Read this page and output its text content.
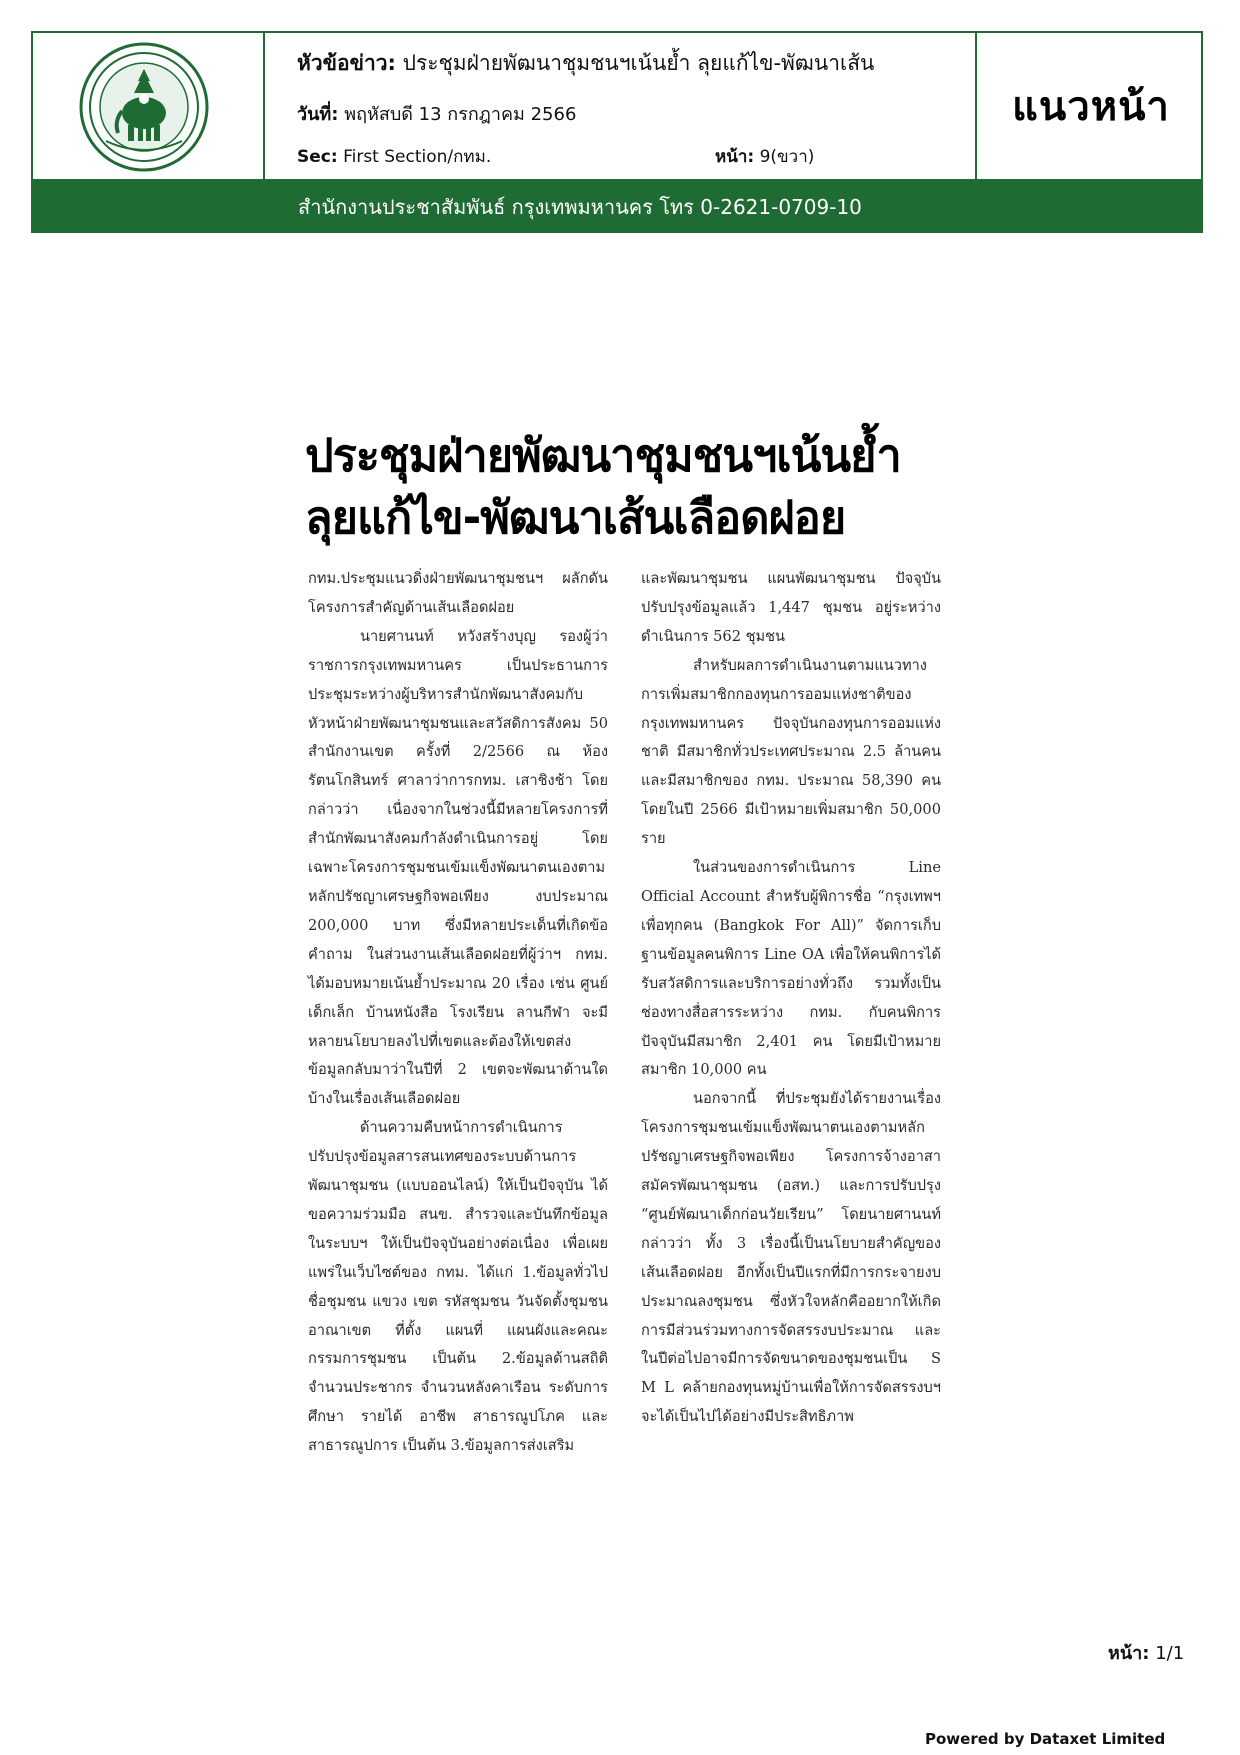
หัวข้อข่าว: ประชุมฝ่ายพัฒนาชุมชนฯเน้นย้ำ ลุยแก้ไข-พัฒนาเส้น
วันที่: พฤหัสบดี 13 กรกฎาคม 2566
Sec: First Section/กทม.	หน้า: 9(ขวา)
แนวหน้า
สำนักงานประชาสัมพันธ์ กรุงเทพมหานคร โทร 0-2621-0709-10
ประชุมฝ่ายพัฒนาชุมชนฯเน้นย้ำ
ลุยแก้ไข-พัฒนาเส้นเลือดฝอย

กทม.ประชุมแนวดิ่งฝ่ายพัฒนาชุมชนฯ ผลักดันโครงการสำคัญด้านเส้นเลือดฝอย

นายศานนท์ หวังสร้างบุญ รองผู้ว่าราชการกรุงเทพมหานคร เป็นประธานการประชุมระหว่างผู้บริหารสำนักพัฒนาสังคมกับหัวหน้าฝ่ายพัฒนาชุมชนและสวัสดิการสังคม 50 สำนักงานเขต ครั้งที่ 2/2566 ณ ห้องรัตนโกสินทร์ ศาลาว่าการกทม. เสาชิงช้า โดยกล่าวว่า เนื่องจากในช่วงนี้มีหลายโครงการที่สำนักพัฒนาสังคมกำลังดำเนินการอยู่ โดยเฉพาะโครงการชุมชนเข้มแข็งพัฒนาตนเองตามหลักปรัชญาเศรษฐกิจพอเพียง งบประมาณ 200,000 บาท ซึ่งมีหลายประเด็นที่เกิดข้อคำถาม ในส่วนงานเส้นเลือดฝอยที่ผู้ว่าฯ กทม. ได้มอบหมายเน้นย้ำประมาณ 20 เรื่อง เช่น ศูนย์เด็กเล็ก บ้านหนังสือ โรงเรียน ลานกีฬา จะมีหลายนโยบายลงไปที่เขตและต้องให้เขตส่งข้อมูลกลับมาว่าในปีที่ 2 เขตจะพัฒนาด้านใดบ้างในเรื่องเส้นเลือดฝอย

ด้านความคืบหน้าการดำเนินการปรับปรุงข้อมูลสารสนเทศของระบบด้านการพัฒนาชุมชน (แบบออนไลน์) ให้เป็นปัจจุบัน ได้ขอความร่วมมือ สนข. สำรวจและบันทึกข้อมูลในระบบฯ ให้เป็นปัจจุบันอย่างต่อเนื่อง เพื่อเผยแพร่ในเว็บไซต์ของ กทม. ได้แก่ 1.ข้อมูลทั่วไป ชื่อชุมชน แขวง เขต รหัสชุมชน วันจัดตั้งชุมชน อาณาเขต ที่ตั้ง แผนที่ แผนผังและคณะกรรมการชุมชน เป็นต้น 2.ข้อมูลด้านสถิติ จำนวนประชากร จำนวนหลังคาเรือน ระดับการศึกษา รายได้ อาชีพ สาธารณูปโภค และสาธารณูปการ เป็นต้น 3.ข้อมูลการส่งเสริม

และพัฒนาชุมชน แผนพัฒนาชุมชน ปัจจุบันปรับปรุงข้อมูลแล้ว 1,447 ชุมชน อยู่ระหว่างดำเนินการ 562 ชุมชน

สำหรับผลการดำเนินงานตามแนวทางการเพิ่มสมาชิกกองทุนการออมแห่งชาติของกรุงเทพมหานคร ปัจจุบันกองทุนการออมแห่งชาติ มีสมาชิกทั่วประเทศประมาณ 2.5 ล้านคน และมีสมาชิกของ กทม. ประมาณ 58,390 คน โดยในปี 2566 มีเป้าหมายเพิ่มสมาชิก 50,000 ราย

ในส่วนของการดำเนินการ Line Official Account สำหรับผู้พิการชื่อ “กรุงเทพฯ เพื่อทุกคน (Bangkok For All)” จัดการเก็บฐานข้อมูลคนพิการ Line OA เพื่อให้คนพิการได้รับสวัสดิการและบริการอย่างทั่วถึง รวมทั้งเป็นช่องทางสื่อสารระหว่าง กทม. กับคนพิการ ปัจจุบันมีสมาชิก 2,401 คน โดยมีเป้าหมายสมาชิก 10,000 คน

นอกจากนี้ ที่ประชุมยังได้รายงานเรื่องโครงการชุมชนเข้มแข็งพัฒนาตนเองตามหลักปรัชญาเศรษฐกิจพอเพียง โครงการจ้างอาสาสมัครพัฒนาชุมชน (อสท.) และการปรับปรุง “ศูนย์พัฒนาเด็กก่อนวัยเรียน” โดยนายศานนท์ กล่าวว่า ทั้ง 3 เรื่องนี้เป็นนโยบายสำคัญของเส้นเลือดฝอย อีกทั้งเป็นปีแรกที่มีการกระจายงบประมาณลงชุมชน ซึ่งหัวใจหลักคืออยากให้เกิดการมีส่วนร่วมทางการจัดสรรงบประมาณ และในปีต่อไปอาจมีการจัดขนาดของชุมชนเป็น S M L คล้ายกองทุนหมู่บ้านเพื่อให้การจัดสรรงบฯจะได้เป็นไปได้อย่างมีประสิทธิภาพ

หน้า: 1/1
Powered by Dataxet Limited
